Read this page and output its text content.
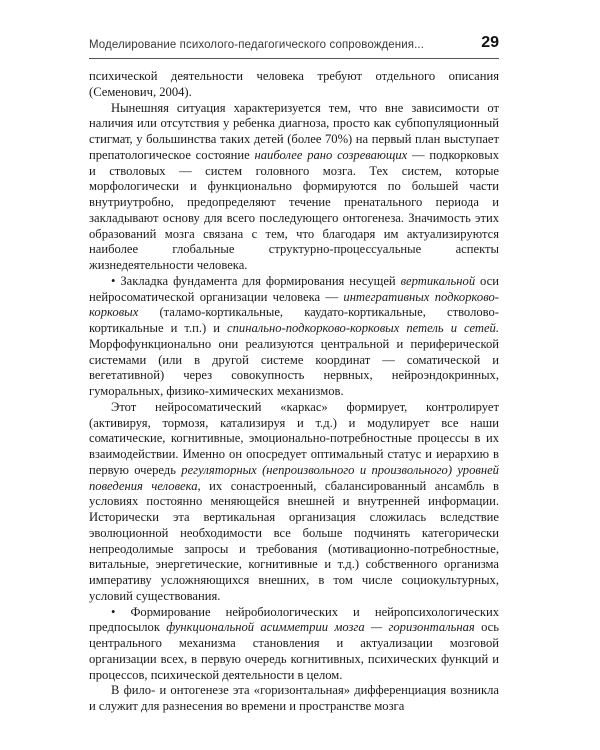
Моделирование психолого-педагогического сопровождения...	29

психической деятельности человека требуют отдельного описания (Семенович, 2004).

Нынешняя ситуация характеризуется тем, что вне зависимости от наличия или отсутствия у ребенка диагноза, просто как субпопуляционный стигмат, у большинства таких детей (более 70%) на первый план выступает препатологическое состояние наиболее рано созревающих — подкорковых и стволовых — систем головного мозга. Тех систем, которые морфологически и функционально формируются по большей части внутриутробно, предопределяют течение пренатального периода и закладывают основу для всего последующего онтогенеза. Значимость этих образований мозга связана с тем, что благодаря им актуализируются наиболее глобальные структурно-процессуальные аспекты жизнедеятельности человека.

• Закладка фундамента для формирования несущей вертикальной оси нейросоматической организации человека — интегративных подкорково-корковых (таламо-кортикальные, каудато-кортикальные, стволово-кортикальные и т.п.) и спинально-подкорково-корковых петель и сетей. Морфофункционально они реализуются центральной и периферической системами (или в другой системе координат — соматической и вегетативной) через совокупность нервных, нейроэндокринных, гуморальных, физико-химических механизмов.

Этот нейросоматический «каркас» формирует, контролирует (активируя, тормозя, катализируя и т.д.) и модулирует все наши соматические, когнитивные, эмоционально-потребностные процессы в их взаимодействии. Именно он опосредует оптимальный статус и иерархию в первую очередь регуляторных (непроизвольного и произвольного) уровней поведения человека, их сонастроенный, сбалансированный ансамбль в условиях постоянно меняющейся внешней и внутренней информации. Исторически эта вертикальная организация сложилась вследствие эволюционной необходимости все больше подчинять категорически непреодолимые запросы и требования (мотивационно-потребностные, витальные, энергетические, когнитивные и т.д.) собственного организма императиву усложняющихся внешних, в том числе социокультурных, условий существования.

• Формирование нейробиологических и нейропсихологических предпосылок функциональной асимметрии мозга — горизонтальная ось центрального механизма становления и актуализации мозговой организации всех, в первую очередь когнитивных, психических функций и процессов, психической деятельности в целом.

В фило- и онтогенезе эта «горизонтальная» дифференциация возникла и служит для разнесения во времени и пространстве мозга
